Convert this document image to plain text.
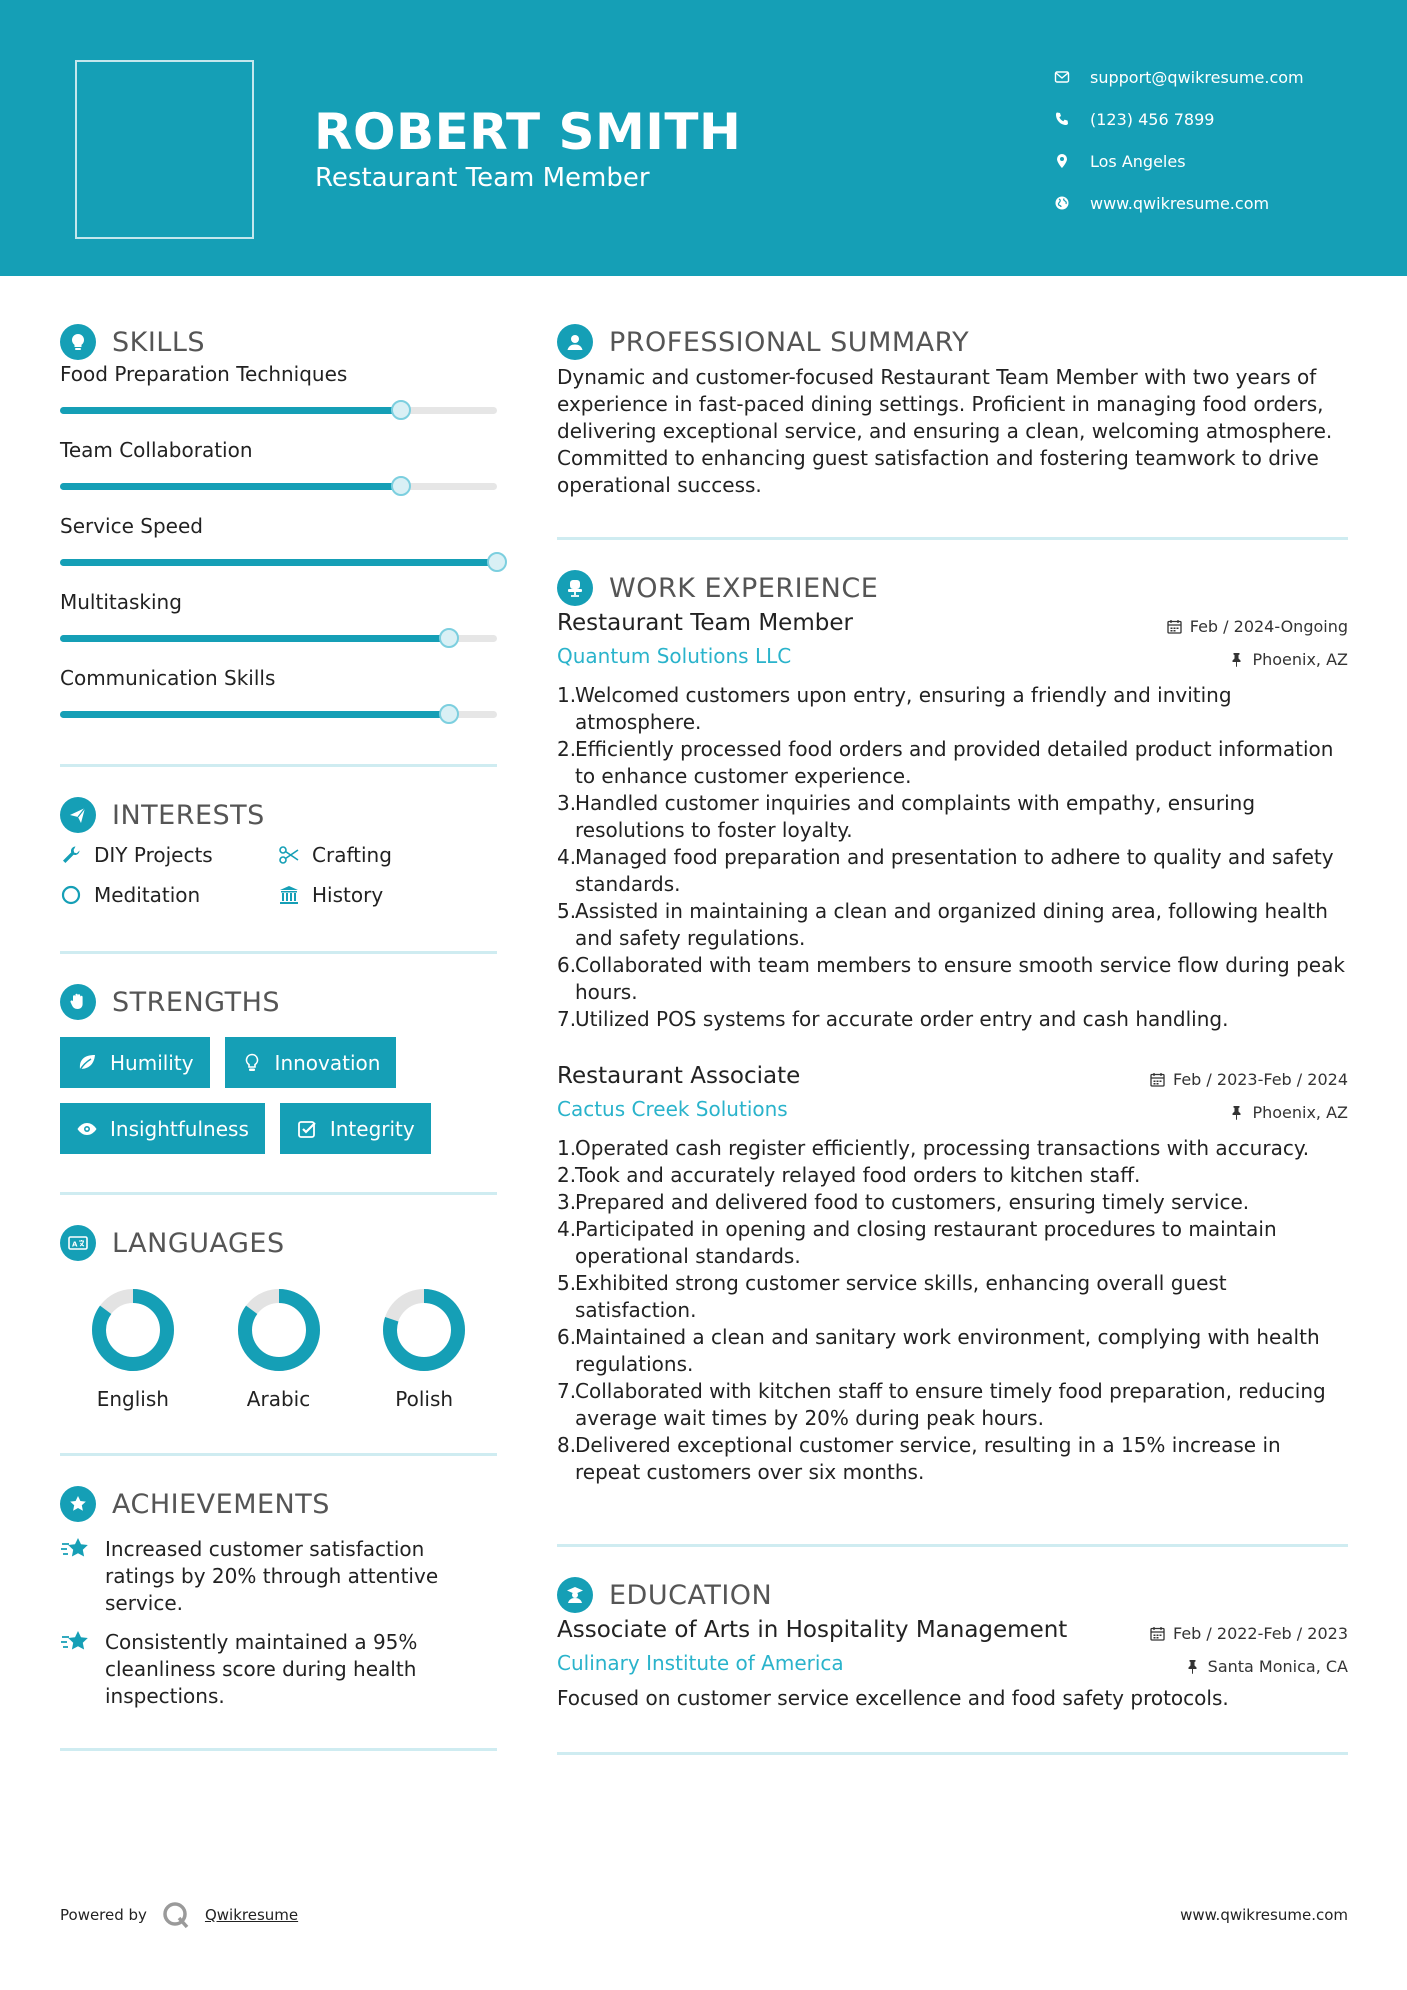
ROBERT SMITH
Restaurant Team Member
support@qwikresume.com
(123) 456 7899
Los Angeles
www.qwikresume.com
SKILLS
Food Preparation Techniques
Team Collaboration
Service Speed
Multitasking
Communication Skills
INTERESTS
DIY Projects	Crafting
Meditation	History
STRENGTHS
Humility	Innovation
Insightfulness	Integrity
A LANGUAGES
English	Arabic	Polish
ACHIEVEMENTS
Increased customer satisfaction ratings by 20% through attentive service.
Consistently maintained a 95% cleanliness score during health inspections.
PROFESSIONAL SUMMARY
Dynamic and customer-focused Restaurant Team Member with two years of experience in fast-paced dining settings. Proficient in managing food orders, delivering exceptional service, and ensuring a clean, welcoming atmosphere. Committed to enhancing guest satisfaction and fostering teamwork to drive operational success.
WORK EXPERIENCE
Restaurant Team Member
Quantum Solutions LLC
Feb / 2024-Ongoing
Phoenix, AZ
1.
Welcomed customers upon entry, ensuring a friendly and inviting atmosphere.
2.
Efficiently processed food orders and provided detailed product information to enhance customer experience.
3.
Handled customer inquiries and complaints with empathy, ensuring resolutions to foster loyalty.
4.
Managed food preparation and presentation to adhere to quality and safety standards.
5.
Assisted in maintaining a clean and organized dining area, following health and safety regulations.
6.
Collaborated with team members to ensure smooth service flow during peak hours.
7.
Utilized POS systems for accurate order entry and cash handling.
Restaurant Associate
Cactus Creek Solutions
Feb / 2023-Feb / 2024
Phoenix, AZ
1.
Operated cash register efficiently, processing transactions with accuracy.
2.
Took and accurately relayed food orders to kitchen staff.
3.
Prepared and delivered food to customers, ensuring timely service.
4.
Participated in opening and closing restaurant procedures to maintain operational standards.
5.
Exhibited strong customer service skills, enhancing overall guest satisfaction.
6.
Maintained a clean and sanitary work environment, complying with health regulations.
7.
Collaborated with kitchen staff to ensure timely food preparation, reducing average wait times by 20% during peak hours.
8.
Delivered exceptional customer service, resulting in a 15% increase in repeat customers over six months.
EDUCATION
Associate of Arts in Hospitality Management
Culinary Institute of America
Feb / 2022-Feb / 2023
Santa Monica, CA
Focused on customer service excellence and food safety protocols.
Powered by	Qwikresume	www.qwikresume.com
